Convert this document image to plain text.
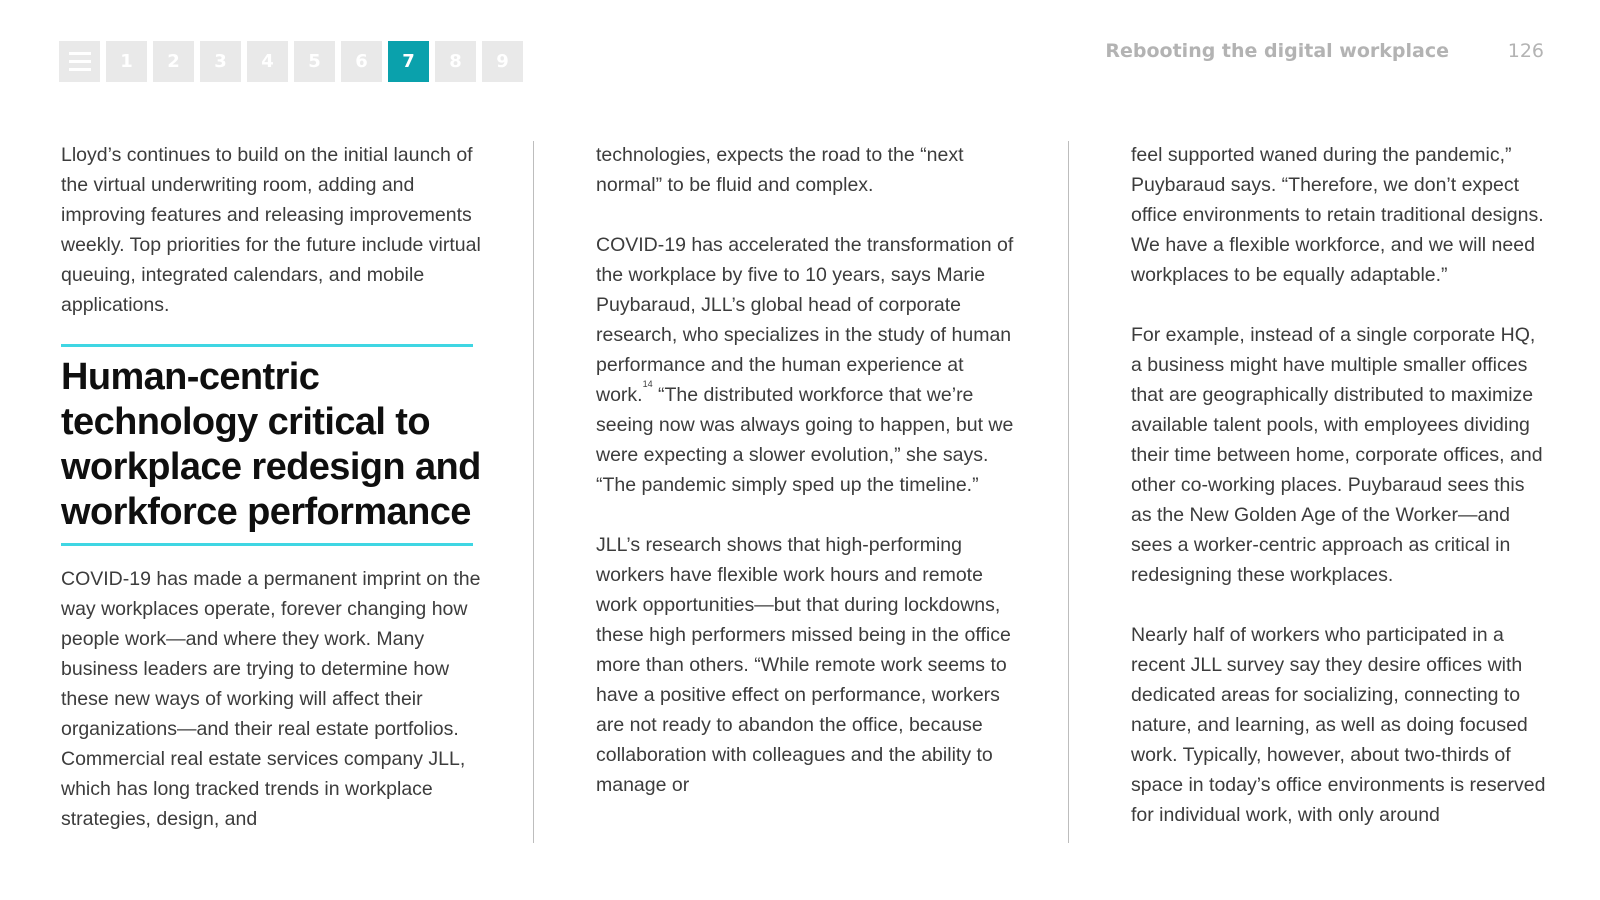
1	2	3	4	5	6	7	8	9	Rebooting the digital workplace	126

Lloyd’s continues to build on the initial launch of the virtual underwriting room, adding and improving features and releasing improvements weekly. Top priorities for the future include virtual queuing, integrated calendars, and mobile applications.

Human-centric technology critical to workplace redesign and workforce performance

COVID-19 has made a permanent imprint on the way workplaces operate, forever changing how people work—and where they work. Many business leaders are trying to determine how these new ways of working will affect their organizations—and their real estate portfolios. Commercial real estate services company JLL, which has long tracked trends in workplace strategies, design, and

technologies, expects the road to the “next normal” to be fluid and complex.

COVID-19 has accelerated the transformation of the workplace by five to 10 years, says Marie Puybaraud, JLL’s global head of corporate research, who specializes in the study of human performance and the human experience at work.$^{14}$ “The distributed workforce that we’re seeing now was always going to happen, but we were expecting a slower evolution,” she says. “The pandemic simply sped up the timeline.”

JLL’s research shows that high-performing workers have flexible work hours and remote work opportunities—but that during lockdowns, these high performers missed being in the office more than others. “While remote work seems to have a positive effect on performance, workers are not ready to abandon the office, because collaboration with colleagues and the ability to manage or

feel supported waned during the pandemic,” Puybaraud says. “Therefore, we don’t expect office environments to retain traditional designs. We have a flexible workforce, and we will need workplaces to be equally adaptable.”

For example, instead of a single corporate HQ, a business might have multiple smaller offices that are geographically distributed to maximize available talent pools, with employees dividing their time between home, corporate offices, and other co-working places. Puybaraud sees this as the New Golden Age of the Worker—and sees a worker-centric approach as critical in redesigning these workplaces.

Nearly half of workers who participated in a recent JLL survey say they desire offices with dedicated areas for socializing, connecting to nature, and learning, as well as doing focused work. Typically, however, about two-thirds of space in today’s office environments is reserved for individual work, with only around
